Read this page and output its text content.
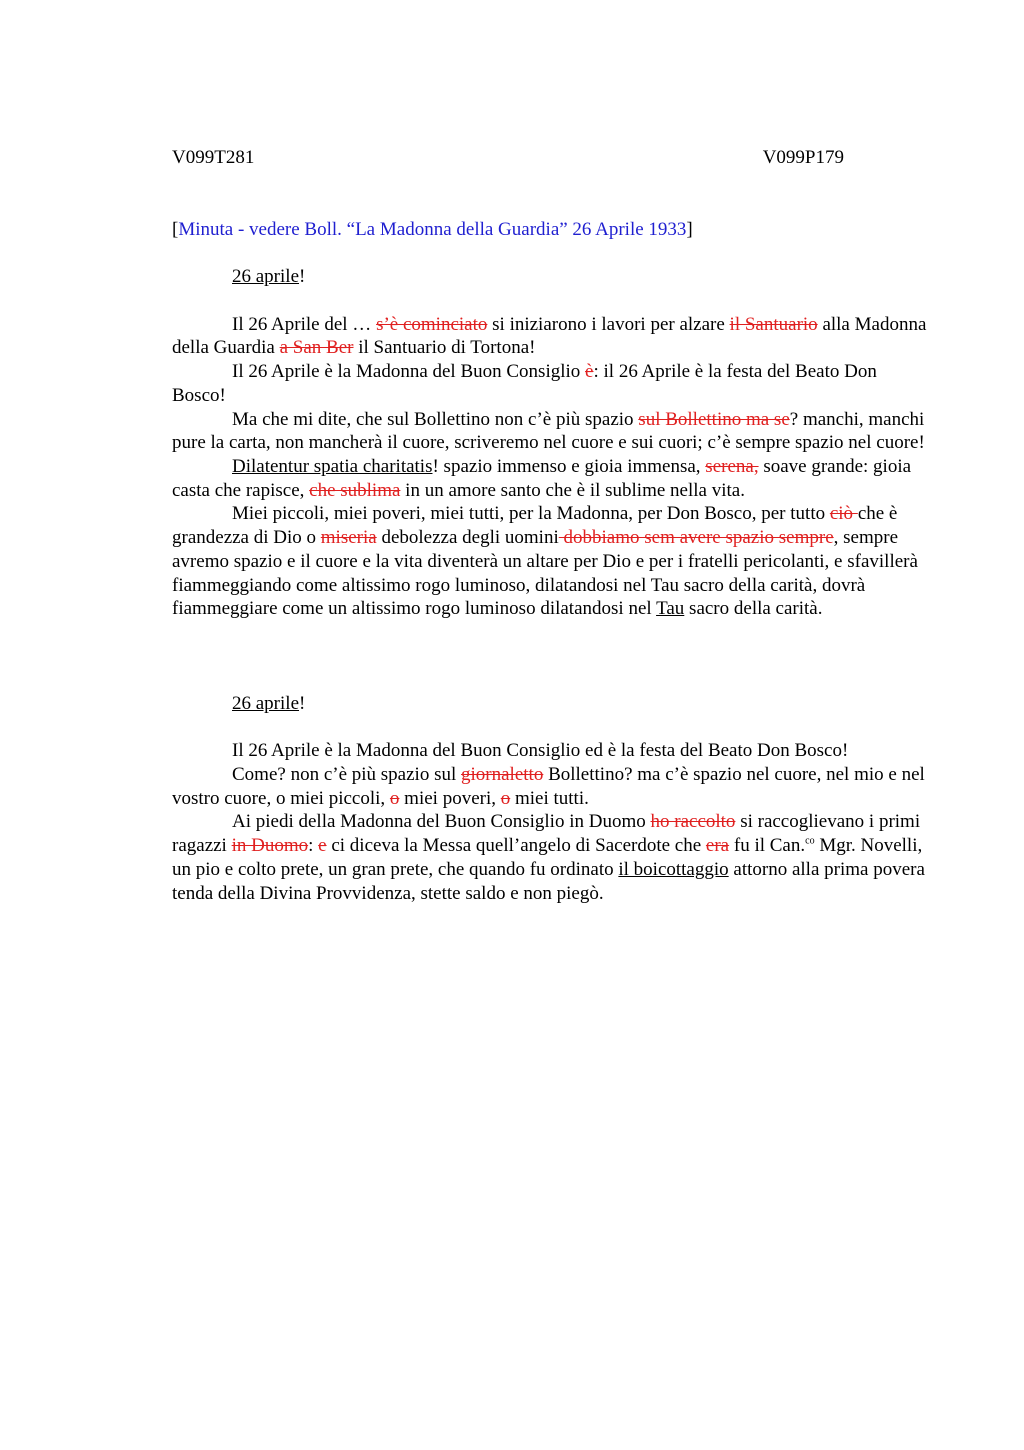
V099T281	V099P179

[Minuta - vedere Boll. “La Madonna della Guardia” 26 Aprile 1933]

26 aprile!

Il 26 Aprile del … s’è cominciato si iniziarono i lavori per alzare il Santuario alla Madonna della Guardia a San Ber il Santuario di Tortona!

Il 26 Aprile è la Madonna del Buon Consiglio è: il 26 Aprile è la festa del Beato Don Bosco!

Ma che mi dite, che sul Bollettino non c’è più spazio sul Bollettino ma se? manchi, manchi pure la carta, non mancherà il cuore, scriveremo nel cuore e sui cuori; c’è sempre spazio nel cuore!

Dilatentur spatia charitatis! spazio immenso e gioia immensa, serena, soave grande: gioia casta che rapisce, che sublima in un amore santo che è il sublime nella vita.

Miei piccoli, miei poveri, miei tutti, per la Madonna, per Don Bosco, per tutto ciò che è grandezza di Dio o miseria debolezza degli uomini dobbiamo sem avere spazio sempre, sempre avremo spazio e il cuore e la vita diventerà un altare per Dio e per i fratelli pericolanti, e sfavillerà fiammeggiando come altissimo rogo luminoso, dilatandosi nel Tau sacro della carità, dovrà fiammeggiare come un altissimo rogo luminoso dilatandosi nel Tau sacro della carità.

26 aprile!

Il 26 Aprile è la Madonna del Buon Consiglio ed è la festa del Beato Don Bosco!

Come? non c’è più spazio sul giornaletto Bollettino? ma c’è spazio nel cuore, nel mio e nel vostro cuore, o miei piccoli, o miei poveri, o miei tutti.

Ai piedi della Madonna del Buon Consiglio in Duomo ho raccolto si raccoglievano i primi ragazzi in Duomo: e ci diceva la Messa quell’angelo di Sacerdote che era fu il Can.$^{co}$ Mgr. Novelli, un pio e colto prete, un gran prete, che quando fu ordinato il boicottaggio attorno alla prima povera tenda della Divina Provvidenza, stette saldo e non piegò.
